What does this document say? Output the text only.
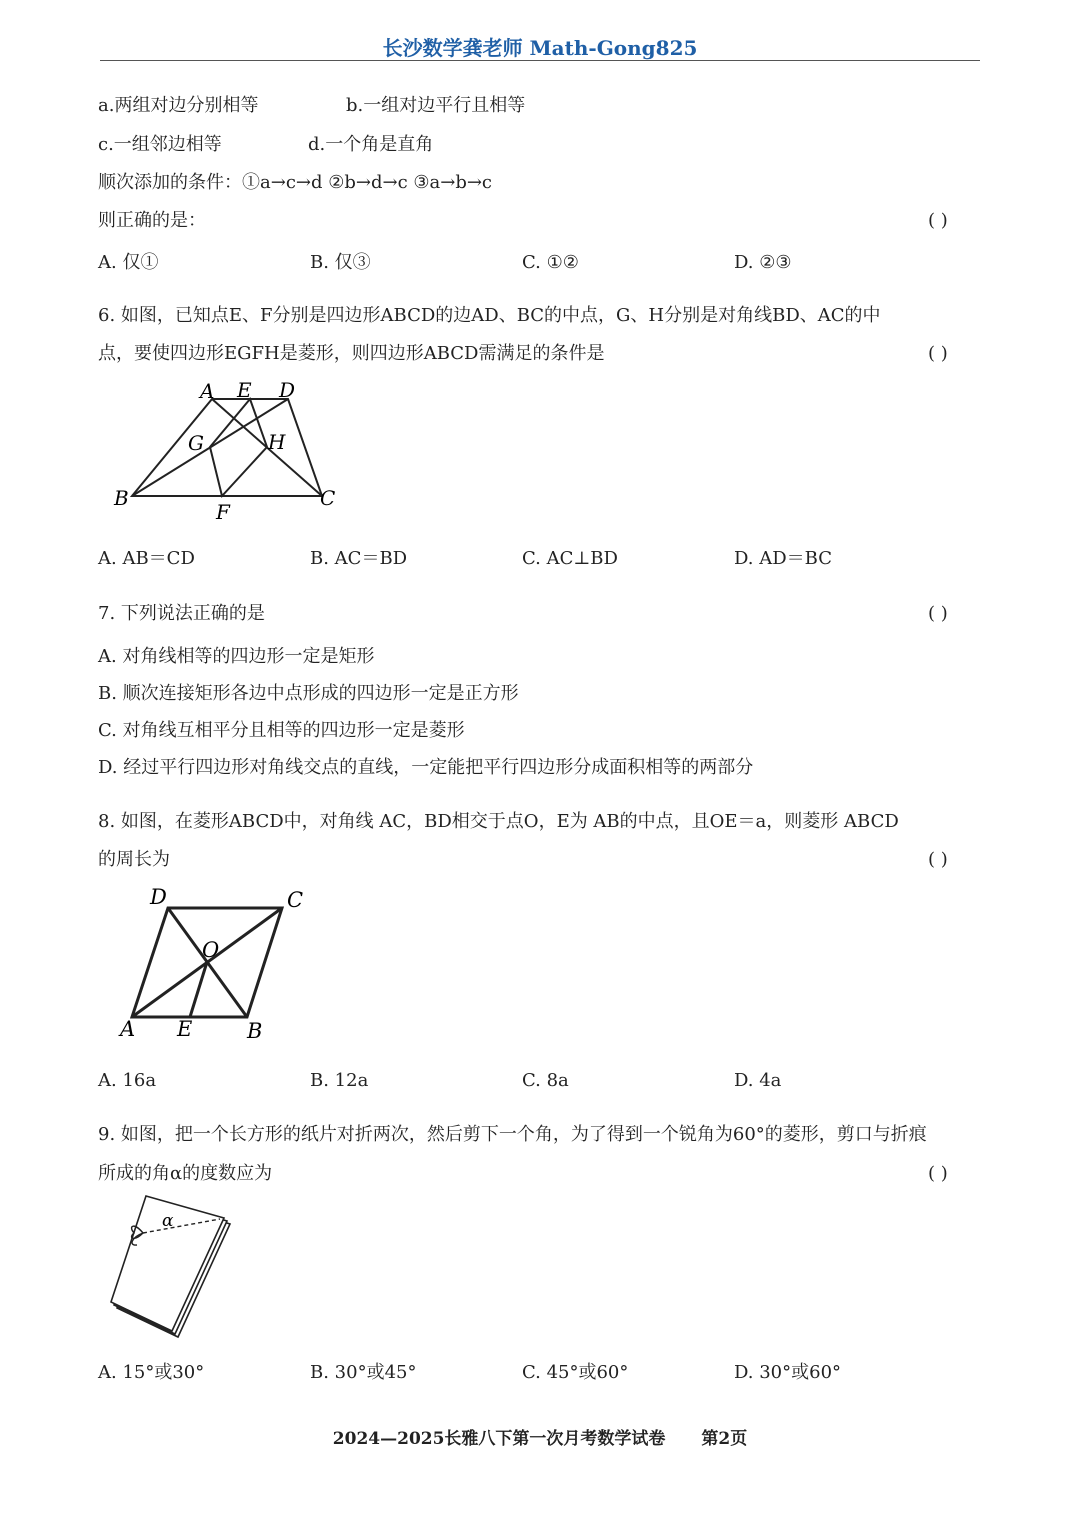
长沙数学龚老师 Math-Gong825
a.两组对边分别相等	b.一组对边平行且相等
c.一组邻边相等	d.一个角是直角
顺次添加的条件：①a→c→d ②b→d→c ③a→b→c
则正确的是：	( )
A. 仅①	B. 仅③	C. ①②	D. ②③
6. 如图，已知点E、F分别是四边形ABCD的边AD、BC的中点，G、H分别是对角线BD、AC的中
点，要使四边形EGFH是菱形，则四边形ABCD需满足的条件是	( )
A E D
G	H
B	C
F
A. AB＝CD	B. AC＝BD	C. AC⊥BD	D. AD＝BC
7. 下列说法正确的是	( )
A. 对角线相等的四边形一定是矩形
B. 顺次连接矩形各边中点形成的四边形一定是正方形
C. 对角线互相平分且相等的四边形一定是菱形
D. 经过平行四边形对角线交点的直线，一定能把平行四边形分成面积相等的两部分
8. 如图，在菱形ABCD中，对角线 AC，BD相交于点O，E为 AB的中点，且OE＝a，则菱形 ABCD
的周长为	( )
D	C
O
A E	B
A. 16a	B. 12a	C. 8a	D. 4a
9. 如图，把一个长方形的纸片对折两次，然后剪下一个角，为了得到一个锐角为60°的菱形，剪口与折痕
所成的角α的度数应为	( )
α
A. 15°或30°	B. 30°或45°	C. 45°或60°	D. 30°或60°
2024—2025长雅八下第一次月考数学试卷 第2页
